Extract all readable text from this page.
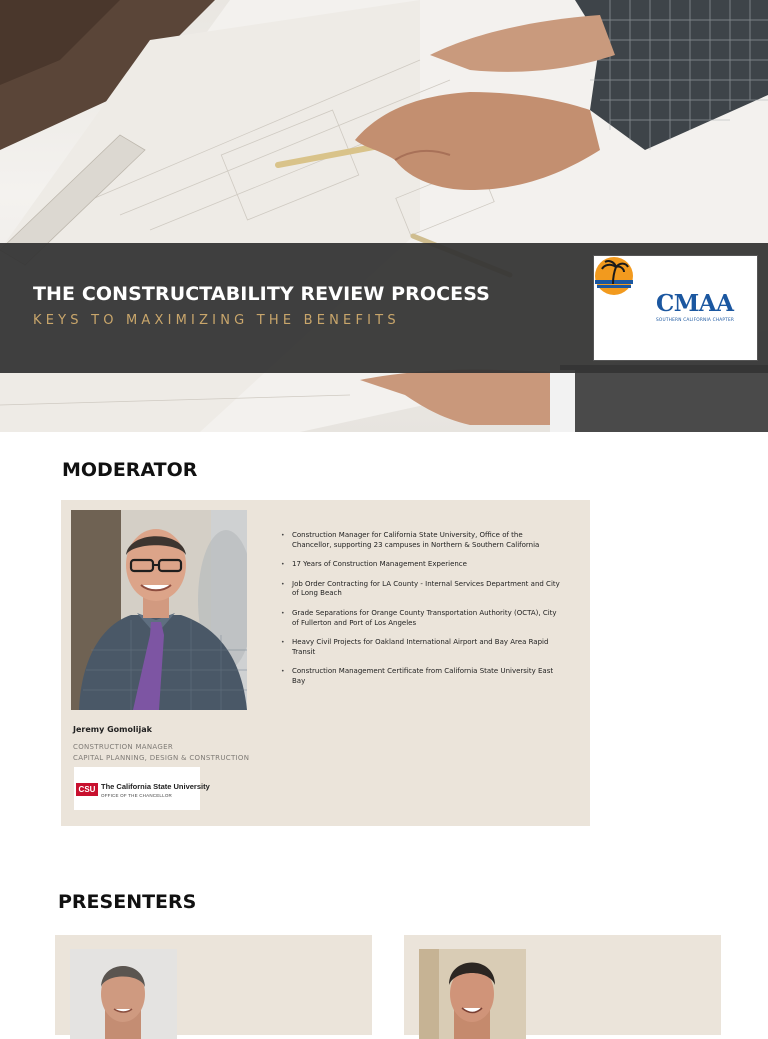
THE CONSTRUCTABILITY REVIEW PROCESS
KEYS TO MAXIMIZING THE BENEFITS
CMAA
SOUTHERN CALIFORNIA CHAPTER
MODERATOR
Jeremy Gomolijak
CONSTRUCTION MANAGER
CAPITAL PLANNING, DESIGN & CONSTRUCTION
CSU The California State University
OFFICE OF THE CHANCELLOR
• Construction Manager for California State University, Office of the Chancellor, supporting 23 campuses in Northern & Southern California
• 17 Years of Construction Management Experience
• Job Order Contracting for LA County - Internal Services Department and City of Long Beach
• Grade Separations for Orange County Transportation Authority (OCTA), City of Fullerton and Port of Los Angeles
• Heavy Civil Projects for Oakland International Airport and Bay Area Rapid Transit
• Construction Management Certificate from California State University East Bay
PRESENTERS
